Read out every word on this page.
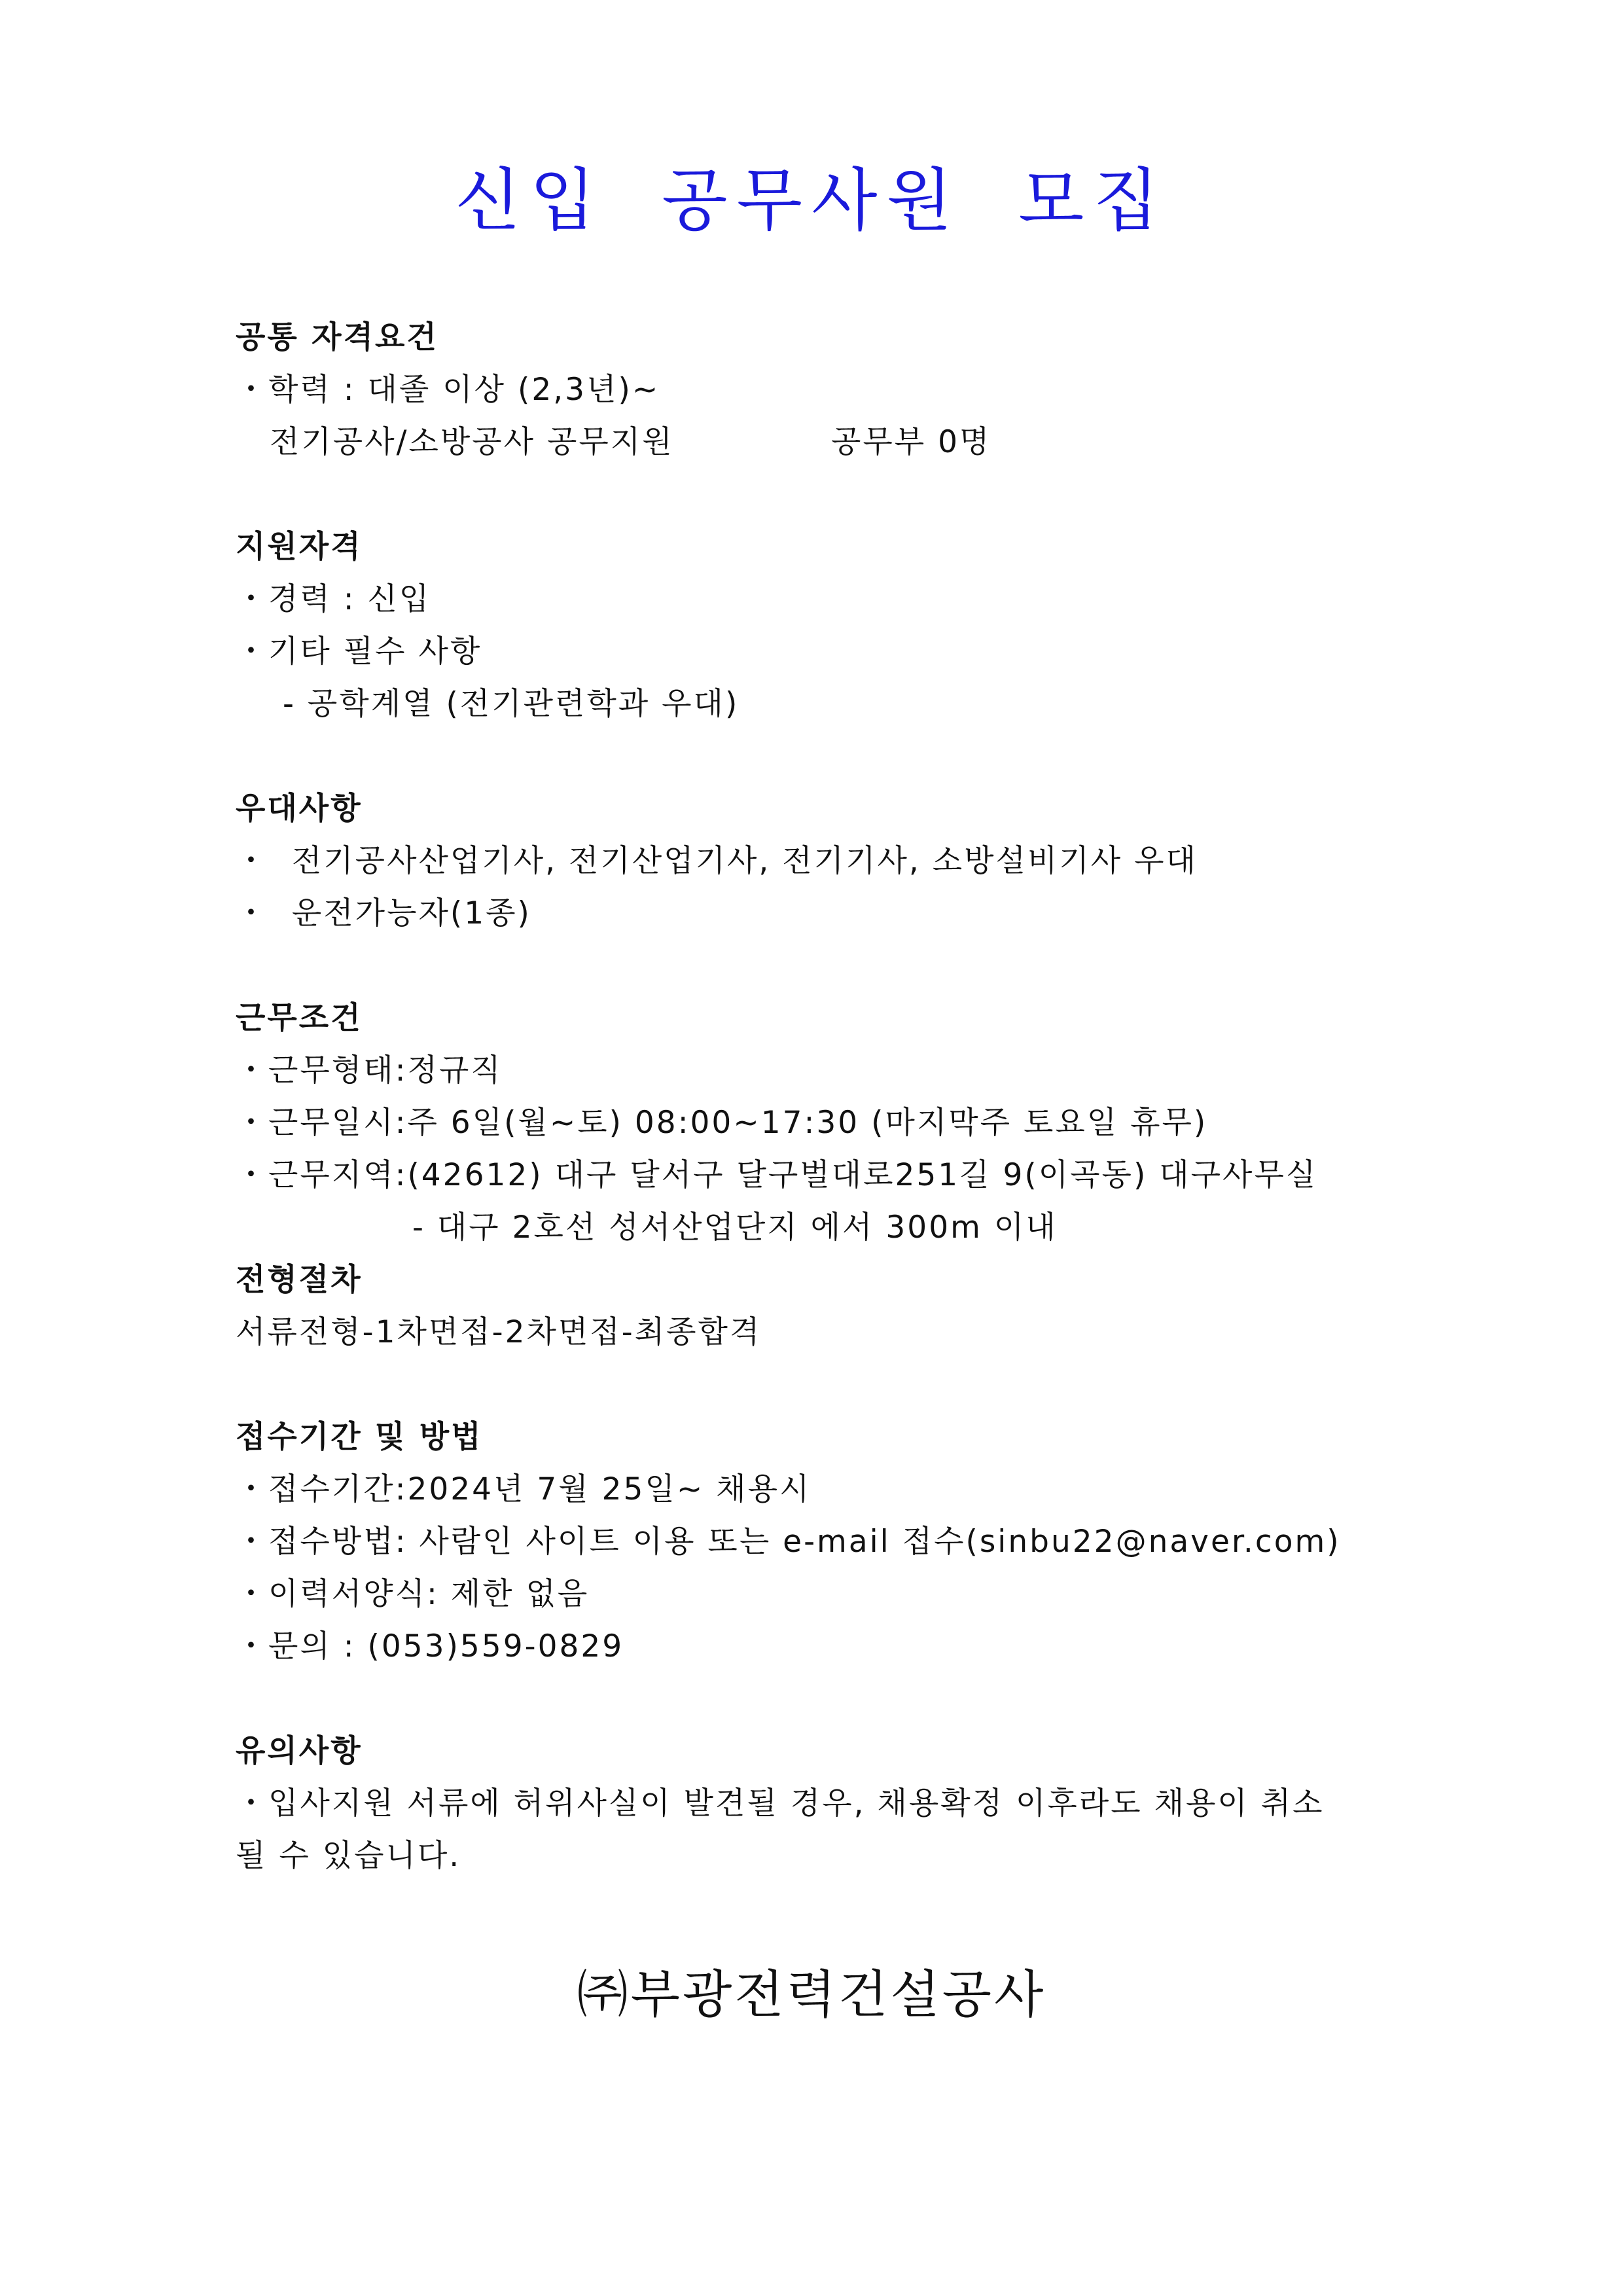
신입 공무사원 모집
공통 자격요건
・학력 : 대졸 이상 (2,3년)~
전기공사/소방공사 공무지원	공무부 0명
지원자격
・경력 : 신입
・기타 필수 사항
- 공학계열 (전기관련학과 우대)
우대사항
・  전기공사산업기사, 전기산업기사, 전기기사, 소방설비기사 우대
・  운전가능자(1종)
근무조건
・근무형태:정규직
・근무일시:주 6일(월~토) 08:00~17:30 (마지막주 토요일 휴무)
・근무지역:(42612) 대구 달서구 달구벌대로251길 9(이곡동) 대구사무실
- 대구 2호선 성서산업단지 에서 300m 이내
전형절차
서류전형-1차면접-2차면접-최종합격
접수기간 및 방법
・접수기간:2024년 7월 25일~ 채용시
・접수방법: 사람인 사이트 이용 또는 e-mail 접수(sinbu22@naver.com)
・이력서양식: 제한 없음
・문의 : (053)559-0829
유의사항
・입사지원 서류에 허위사실이 발견될 경우, 채용확정 이후라도 채용이 취소
될 수 있습니다.
㈜부광전력건설공사
